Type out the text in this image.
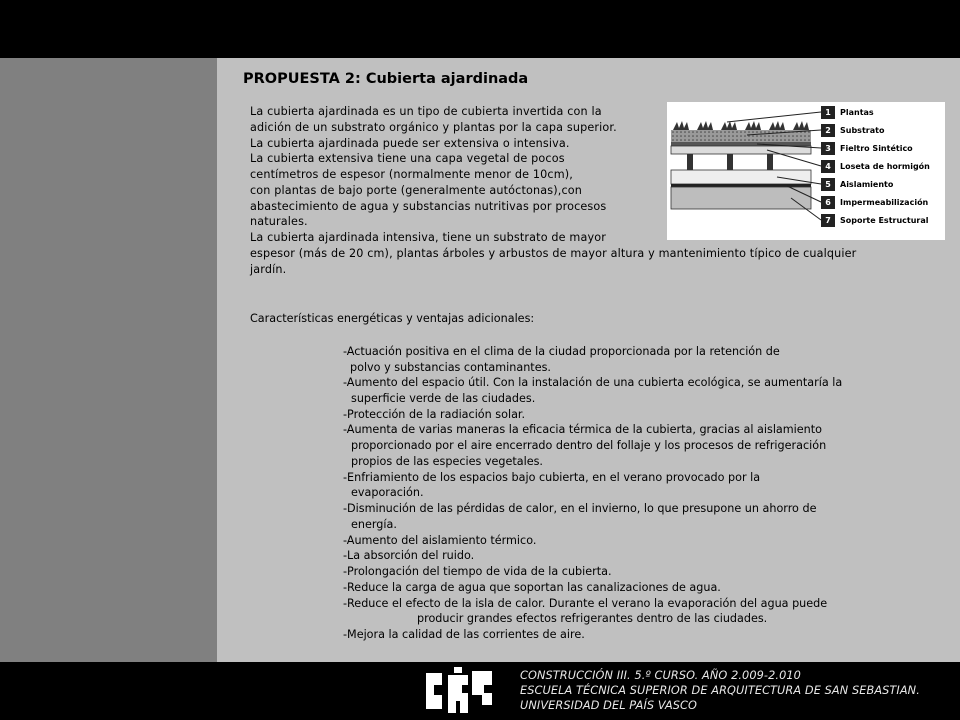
PROPUESTA 2: Cubierta ajardinada
La cubierta ajardinada es un tipo de cubierta invertida con la
adición de un substrato orgánico y plantas por la capa superior.
La cubierta ajardinada puede ser extensiva o intensiva.
La cubierta extensiva tiene una capa vegetal de pocos
centímetros de espesor (normalmente menor de 10cm),
con plantas de bajo porte (generalmente autóctonas),con
abastecimiento de agua y substancias nutritivas por procesos
naturales.
La cubierta ajardinada intensiva, tiene un substrato de mayor
espesor (más de 20 cm), plantas árboles y arbustos de mayor altura y mantenimiento típico de cualquier
jardín.
Características energéticas y ventajas adicionales:
-Actuación positiva en el clima de la ciudad proporcionada por la retención de
polvo y substancias contaminantes.
-Aumento del espacio útil. Con la instalación de una cubierta ecológica, se aumentaría la
superficie verde de las ciudades.
-Protección de la radiación solar.
-Aumenta de varias maneras la eficacia térmica de la cubierta, gracias al aislamiento
proporcionado por el aire encerrado dentro del follaje y los procesos de refrigeración
propios de las especies vegetales.
-Enfriamiento de los espacios bajo cubierta, en el verano provocado por la
evaporación.
-Disminución de las pérdidas de calor, en el invierno, lo que presupone un ahorro de
energía.
-Aumento del aislamiento térmico.
-La absorción del ruido.
-Prolongación del tiempo de vida de la cubierta.
-Reduce la carga de agua que soportan las canalizaciones de agua.
-Reduce el efecto de la isla de calor. Durante el verano la evaporación del agua puede
producir grandes efectos refrigerantes dentro de las ciudades.
-Mejora la calidad de las corrientes de aire.
1
2
3
4
5
6
7
Plantas
Substrato
Fieltro Sintético
Loseta de hormigón
Aislamiento
Impermeabilización
Soporte Estructural
CONSTRUCCIÓN III. 5.º CURSO. AÑO 2.009-2.010
ESCUELA TÉCNICA SUPERIOR DE ARQUITECTURA DE SAN SEBASTIAN.
UNIVERSIDAD DEL PAÍS VASCO
